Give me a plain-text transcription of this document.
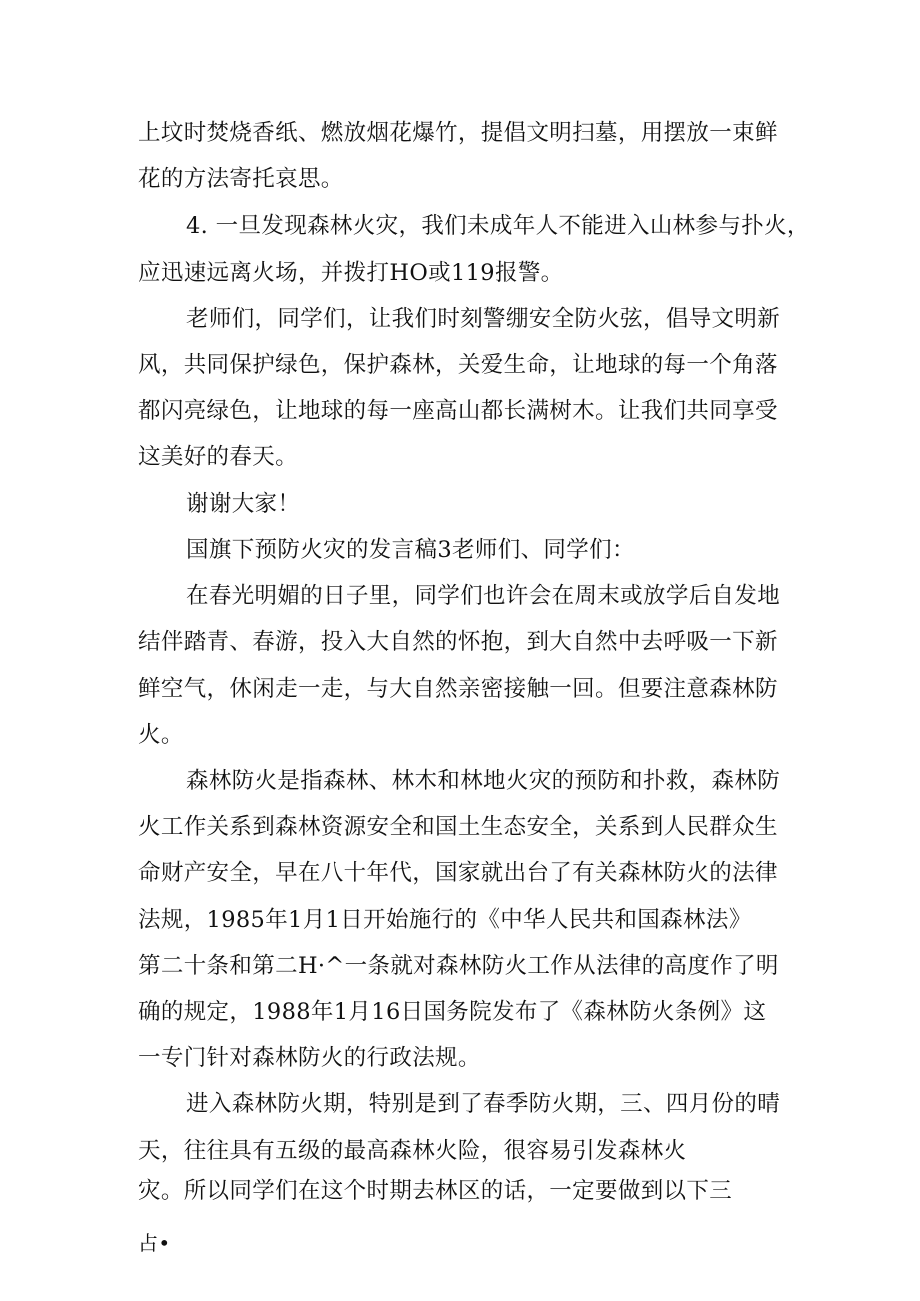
上坟时焚烧香纸、燃放烟花爆竹，提倡文明扫墓，用摆放一束鲜
花的方法寄托哀思。
4. 一旦发现森林火灾，我们未成年人不能进入山林参与扑火，
应迅速远离火场，并拨打HO或119报警。
老师们，同学们，让我们时刻警绷安全防火弦，倡导文明新
风，共同保护绿色，保护森林，关爱生命，让地球的每一个角落
都闪亮绿色，让地球的每一座高山都长满树木。让我们共同享受
这美好的春天。
谢谢大家！
国旗下预防火灾的发言稿3老师们、同学们：
在春光明媚的日子里，同学们也许会在周末或放学后自发地
结伴踏青、春游，投入大自然的怀抱，到大自然中去呼吸一下新
鲜空气，休闲走一走，与大自然亲密接触一回。但要注意森林防
火。
森林防火是指森林、林木和林地火灾的预防和扑救，森林防
火工作关系到森林资源安全和国土生态安全，关系到人民群众生
命财产安全，早在八十年代，国家就出台了有关森林防火的法律
法规，1985年1月1日开始施行的《中华人民共和国森林法》
第二十条和第二H·^一条就对森林防火工作从法律的高度作了明
确的规定，1988年1月16日国务院发布了《森林防火条例》这
一专门针对森林防火的行政法规。
进入森林防火期，特别是到了春季防火期，三、四月份的晴
天，往往具有五级的最高森林火险，很容易引发森林火
灾。所以同学们在这个时期去林区的话，一定要做到以下三
占•
